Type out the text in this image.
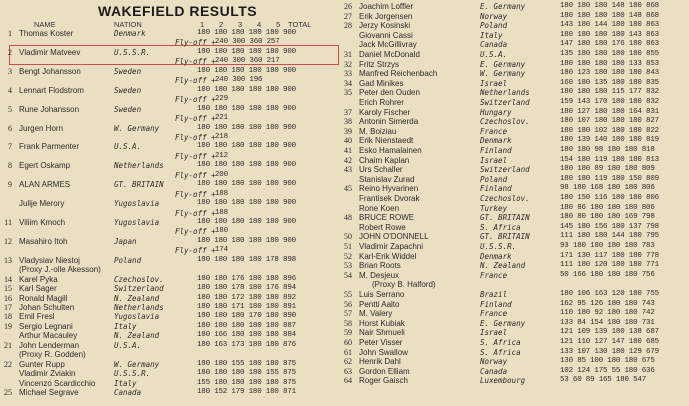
WAKEFIELD RESULTS
NAME	NATION	1 2 3 4 5 TOTAL
1 Thomas Koster	Denmark	180 180 180 180 180 900
Fly-off + 240 300 360 257
2 Vladimir Matveev	U.S.S.R.	180 180 180 180 180 900
Fly-off + 240 300 360 217
3 Bengt Johansson	Sweden	180 180 180 180 180 900
Fly-off + 240 300 196
4 Lennart Flodstrom	Sweden	180 180 180 180 180 900
Fly-off + 229
5 Rune Johansson	Sweden	180 180 180 180 180 900
Fly-off + 221
6 Jurgen Horn	W. Germany	180 180 180 180 180 900
Fly-off + 218
7 Frank Parmenter	U.S.A.	180 180 180 180 180 900
Fly-off + 212
8 Egert Oskamp	Netherlands	180 180 180 180 180 900
Fly-off + 200
9 ALAN ARMES	GT. BRITAIN	180 180 180 180 180 900
Fly-off + 188
Julije Merory	Yugoslavia	180 180 180 180 180 900
Fly-off + 188
11 Viliim Kmoch	Yugoslavia	180 180 180 180 180 900
Fly-off + 180
12 Masahiro Itoh	Japan	180 180 180 180 180 900
Fly-off + 174
13 Vladysiav Niestoj	Poland	180 180 180 180 178 898
(Proxy J.-olle Akesson)
14 Karel Pyka	Czechoslov.	180 180 176 180 180 896
15 Karl Sager	Switzerland	180 180 178 180 176 894
16 Ronald Magill	N. Zealand	180 180 172 180 180 892
17 Johan Schulten	Netherlands	180 180 171 180 180 891
18 Emil Fresl	Yugoslavia	180 180 180 170 180 890
19 Sergio Legnani	Italy	180 180 180 180 180 887
Arthur Macauley	N. Zealand	180 166 180 180 180 884
21 John Lenderman	U.S.A.	180 163 173 180 180 876
(Proxy R. Godden)
22 Gunter Rupp	W. Germany	180 180 155 180 180 875
Vladimir Zviakin	U.S.S.R.	180 180 180 180 155 875
Vincenzo Scardicchio Italy	155 180 180 180 180 875
25 Michael Segrave	Canada	180 152 179 180 180 871
26 Joachim Loffler	E. Germany	180 180 180 148 180 868
27 Erik Jorgensen	Norway	180 180 180 180 148 868
28 Jerzy Kosinski	Poland	143 180 144 180 180 863
Giovanni Cassi	Italy	180 180 180 180 143 863
Jack McGillivray	Canada	147 180 180 176 180 863
31 Daniel McDonald	U.S.A.	135 180 180 180 180 855
32 Fritz Strzys	E. Germany	180 180 180 180 133 853
33 Manfred Reichenbach	W. Germany	180 123 180 180 180 843
34 Gad Minikes	Israel	160 180 135 180 180 835
35 Peter den Ouden	Netherlands	180 180 180 115 177 832
Erich Rohrer	Switzerland	159 143 170 180 180 832
37 Karoly Fischer	Hungary	180 127 180 180 164 831
38 Antonin Simerda	Czechoslov.	180 107 180 180 180 827
39 M. Boiziau	France	180 180 102 180 180 822
40 Erik Nienstaedt	Denmark	180 139 140 180 180 819
41 Esko Hamalainen	Finland	180 180 98 180 180 818
42 Chaim Kaplan	Israel	154 180 119 180 180 813
43 Urs Schaller	Switzerland	180 180 89 180 180 809
Stanislav Zurad	Poland	180 180 119 180 150 809
45 Reino Hyvarinen	Finland	98 180 168 180 180 806
Frantisek Dvorak	Czechoslov.	180 150 116 180 180 806
Rone Koen	Turkey	180 86 180 180 180 806
48 BRUCE ROWE	GT. BRITAIN	180 80 180 180 169 798
Robert Rowe	S. Africa	145 180 156 180 137 798
50 JOHN O'DONNELL	GT. BRITAIN	111 180 180 144 180 795
51 Vladimir Zapachni	U.S.S.R.	93 180 180 180 180 783
52 Karl-Erik Widdel	Denmark	171 130 117 180 180 778
53 Brian Roots	N. Zealand	111 180 120 180 180 771
54 M. Desjeux	France	50 166 180 180 180 756
(Proxy B. Halford)
55 Luis Serrano	Brazil	180 106 163 120 180 755
56 Pentti Aalto	Finland	162 95 126 180 180 743
57 M. Valery	France	110 180 92 180 180 742
58 Horst Kubiak	E. Germany	133 84 154 180 180 731
59 Nair Shmueli	Israel	121 109 139 180 138 687
60 Peter Visser	S. Africa	121 110 127 147 180 685
61 John Swallow	S. Africa	133 107 130 180 129 679
62 Henrik Dahl	Norway	130 85 100 180 180 675
63 Gordon Elliam	Canada	102 124 175 55 180 636
64 Roger Gaisch	Luxembourg	53 60 89 165 180 547
